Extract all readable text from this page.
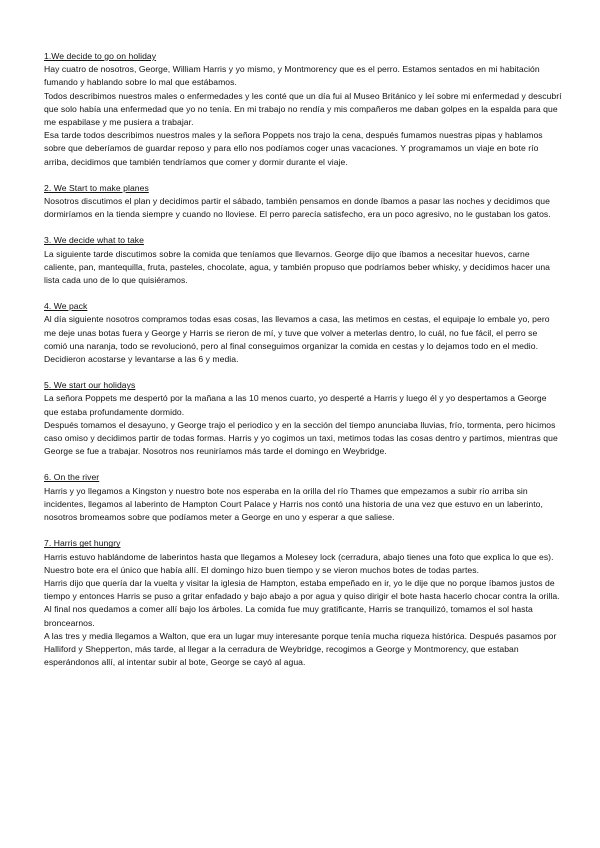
1.We decide to go on holiday

Hay cuatro de nosotros, George, William Harris y yo mismo, y Montmorency que es el perro. Estamos sentados en mi habitación fumando y hablando sobre lo mal que estábamos.

Todos describimos nuestros males o enfermedades y les conté que un día fui al Museo Británico y leí sobre mi enfermedad y descubrí que solo había una enfermedad que yo no tenía. En mi trabajo no rendía y mis compañeros me daban golpes en la espalda para que me espabilase y me pusiera a trabajar.

Esa tarde todos describimos nuestros males y la señora Poppets nos trajo la cena, después fumamos nuestras pipas y hablamos sobre que deberíamos de guardar reposo y para ello nos podíamos coger unas vacaciones. Y programamos un viaje en bote río arriba, decidimos que también tendríamos que comer y dormir durante el viaje.

2. We Start to make planes

Nosotros discutimos el plan y decidimos partir el sábado, también pensamos en donde íbamos a pasar las noches y decidimos que dormiríamos en la tienda siempre y cuando no lloviese. El perro parecía satisfecho, era un poco agresivo, no le gustaban los gatos.

3. We decide what to take

La siguiente tarde discutimos sobre la comida que teníamos que llevarnos. George dijo que íbamos a necesitar huevos, carne caliente, pan, mantequilla, fruta, pasteles, chocolate, agua, y también propuso que podríamos beber whisky, y decidimos hacer una lista cada uno de lo que quisiéramos.

4. We pack

Al día siguiente nosotros compramos todas esas cosas, las llevamos a casa, las metimos en cestas, el equipaje lo embale yo, pero me deje unas botas fuera y George y Harris se rieron de mí, y tuve que volver a meterlas dentro, lo cuál, no fue fácil, el perro se comió una naranja, todo se revolucionó, pero al final conseguimos organizar la comida en cestas y lo dejamos todo en el medio.

Decidieron acostarse y levantarse a las 6 y media.

5. We start our holidays

La señora Poppets me despertó por la mañana a las 10 menos cuarto, yo desperté a Harris y luego él y yo despertamos a George que estaba profundamente dormido.

Después tomamos el desayuno, y George trajo el periodico y en la sección del tiempo anunciaba lluvias, frío, tormenta, pero hicimos caso omiso y decidimos partir de todas formas. Harris y yo cogimos un taxi, metimos todas las cosas dentro y partimos, mientras que George se fue a trabajar. Nosotros nos reuniríamos más tarde el domingo en Weybridge.

6. On the river

Harris y yo llegamos a Kingston y nuestro bote nos esperaba en la orilla del río Thames que empezamos a subir río arriba sin incidentes, llegamos al laberinto de Hampton Court Palace y Harris nos contó una historia de una vez que estuvo en un laberinto, nosotros bromeamos sobre que podíamos meter a George en uno y esperar a que saliese.

7. Harris get hungry

Harris estuvo hablándome de laberintos hasta que llegamos a Molesey lock (cerradura, abajo tienes una foto que explica lo que es).

Nuestro bote era el único que había allí. El domingo hizo buen tiempo y se vieron muchos botes de todas partes.

Harris dijo que quería dar la vuelta y visitar la iglesia de Hampton, estaba empeñado en ir, yo le dije que no porque íbamos justos de tiempo y entonces Harris se puso a gritar enfadado y bajo abajo a por agua y quiso dirigir el bote hasta hacerlo chocar contra la orilla. Al final nos quedamos a comer allí bajo los árboles. La comida fue muy gratificante, Harris se tranquilizó, tomamos el sol hasta broncearnos.

A las tres y media llegamos a Walton, que era un lugar muy interesante porque tenía mucha riqueza histórica. Después pasamos por Halliford y Shepperton, más tarde, al llegar a la cerradura de Weybridge, recogimos a George y Montmorency, que estaban esperándonos allí, al intentar subir al bote, George se cayó al agua.
